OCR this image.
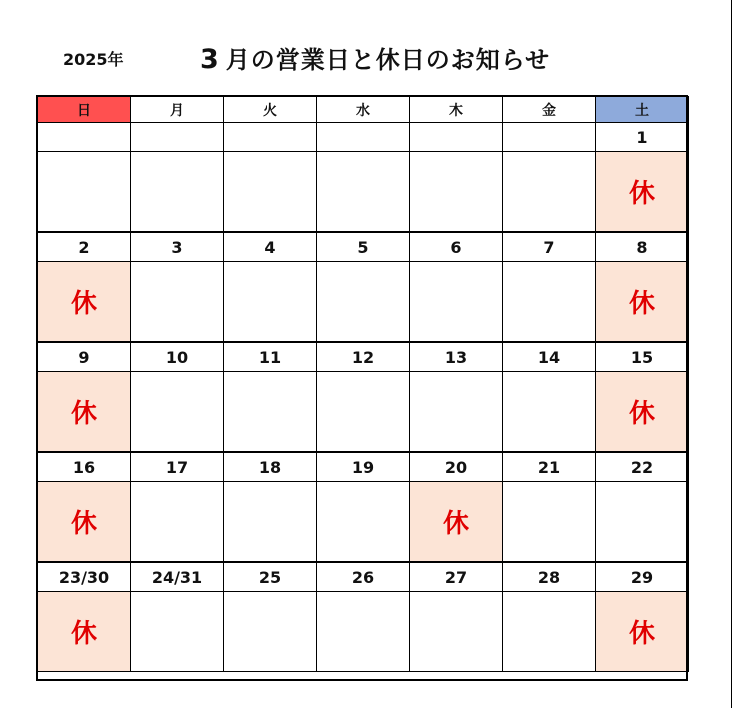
2025年	3 月の営業日と休日のお知らせ
日	月	火	水	木	金	土
						1
						休
2	3	4	5	6	7	8
休						休
9	10	11	12	13	14	15
休						休
16	17	18	19	20	21	22
休				休		
23/30	24/31	25	26	27	28	29
休						休
